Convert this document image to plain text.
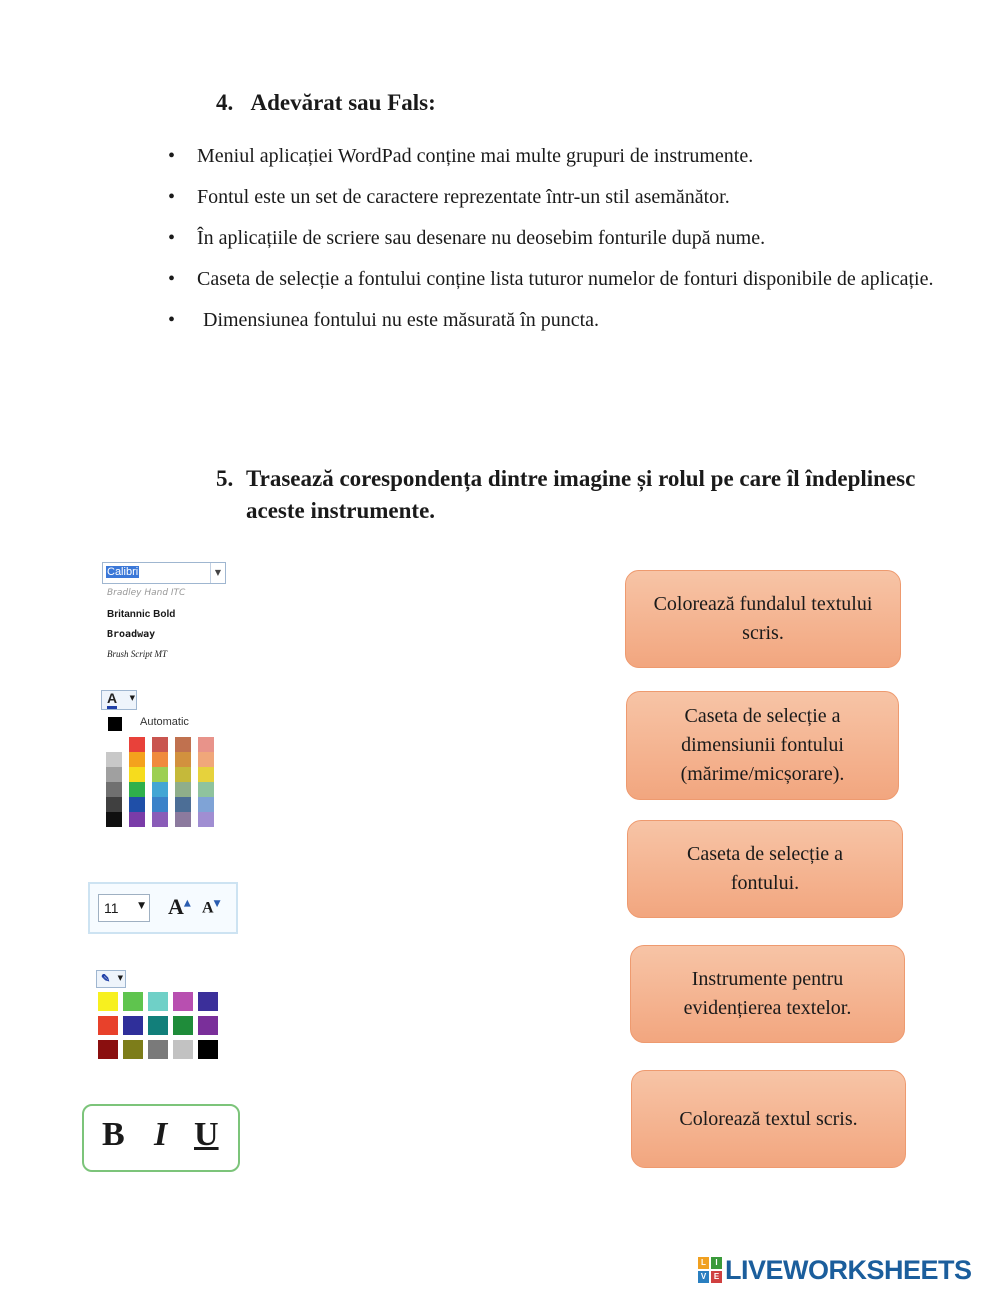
4. Adevărat sau Fals:
• Meniul aplicației WordPad conține mai multe grupuri de instrumente.
• Fontul este un set de caractere reprezentate într-un stil asemănător.
• În aplicațiile de scriere sau desenare nu deosebim fonturile după nume.
• Caseta de selecție a fontului conține lista tuturor numelor de fonturi disponibile de aplicație.
• Dimensiunea fontului nu este măsurată în puncta.
5. Trasează corespondența dintre imagine și rolul pe care îl îndeplinesc aceste instrumente.
Calibri	▼
Bradley Hand ITC
Britannic Bold
Broadway
Brush Script MT
A ▼
Automatic
11 ▼ A▲ A▼
✎ ▼
B I U
Colorează fundalul textului scris.
Caseta de selecție a dimensiunii fontului (mărime/micșorare).
Caseta de selecție a fontului.
Instrumente pentru evidențierea textelor.
Colorează textul scris.
L	I
V E LIVEWORKSHEETS
